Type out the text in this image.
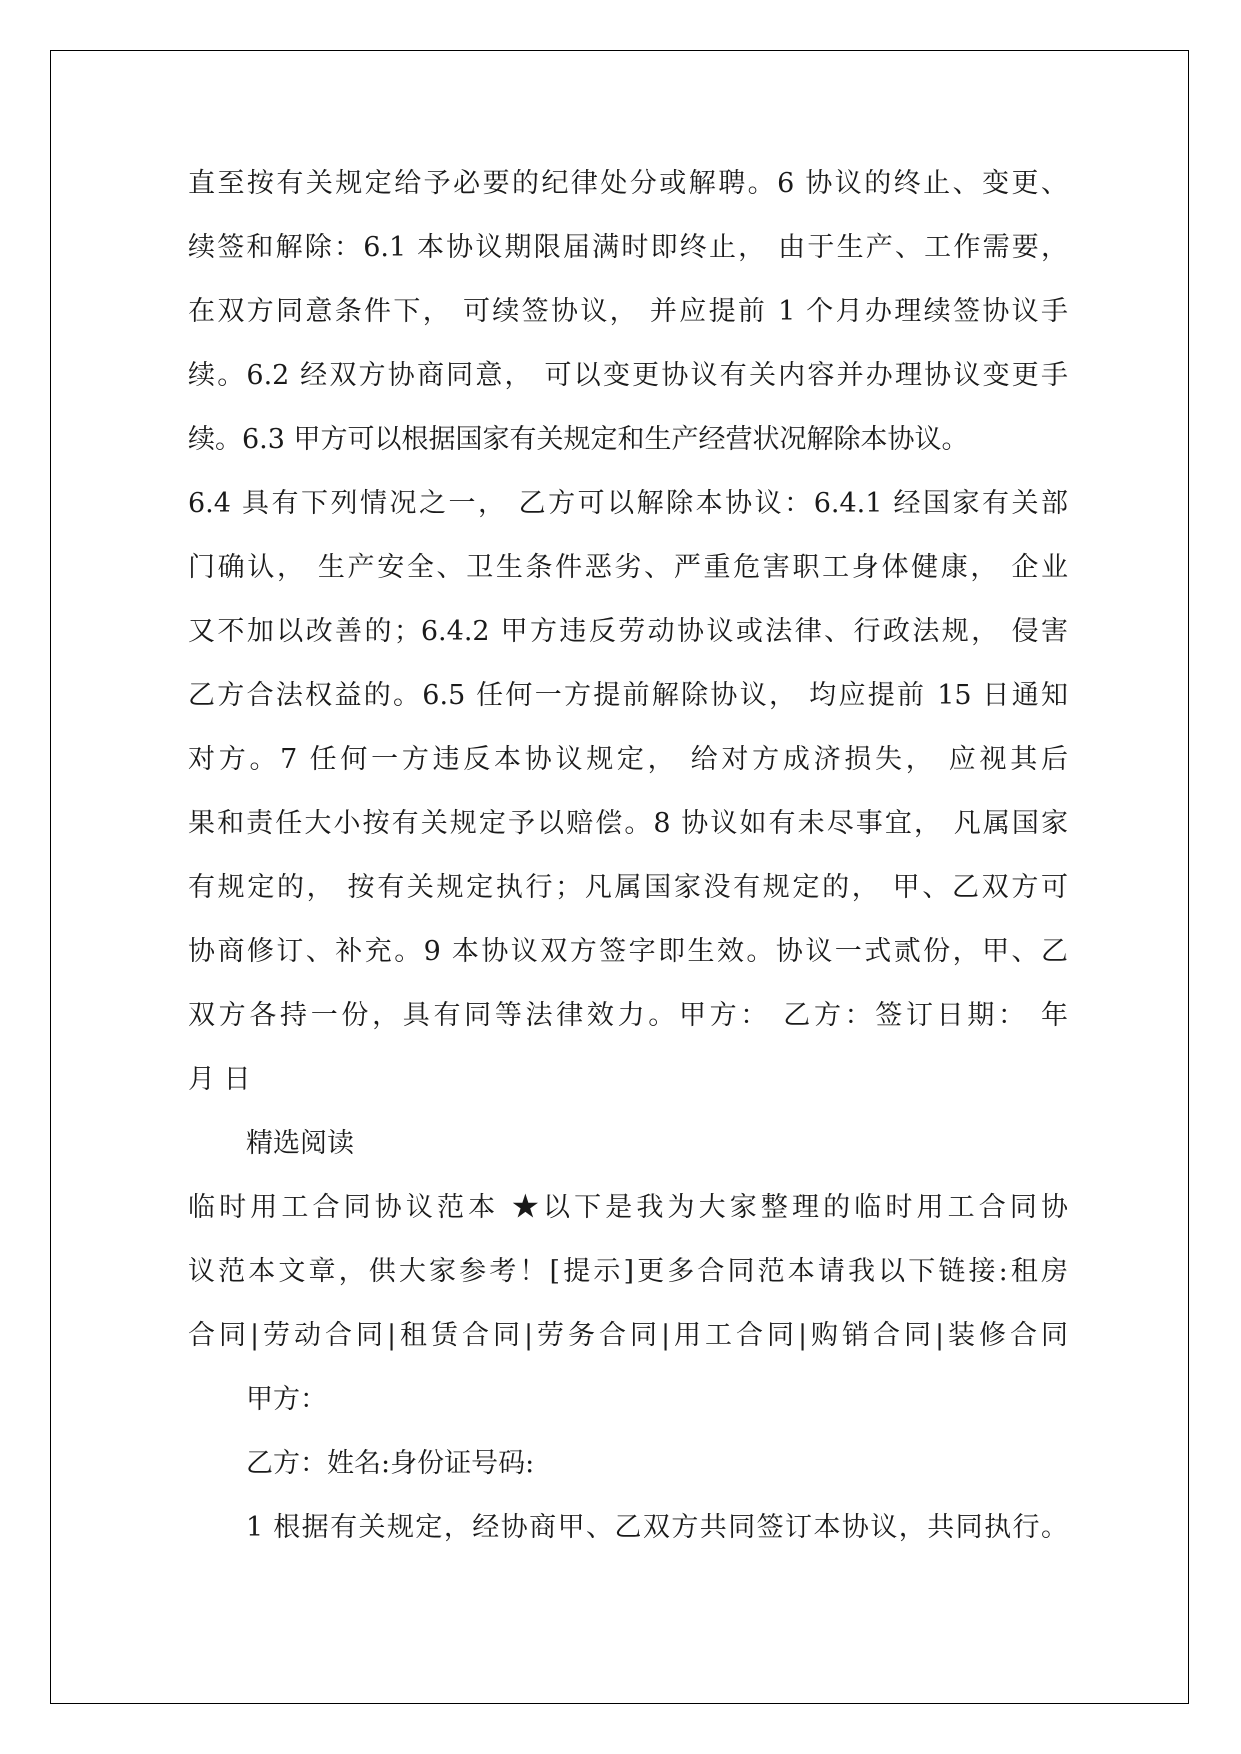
直至按有关规定给予必要的纪律处分或解聘。6 协议的终止、变更、
续签和解除：6.1 本协议期限届满时即终止， 由于生产、工作需要，
在双方同意条件下， 可续签协议， 并应提前 1 个月办理续签协议手
续。6.2 经双方协商同意， 可以变更协议有关内容并办理协议变更手
续。6.3 甲方可以根据国家有关规定和生产经营状况解除本协议。
6.4 具有下列情况之一， 乙方可以解除本协议：6.4.1 经国家有关部
门确认， 生产安全、卫生条件恶劣、严重危害职工身体健康， 企业
又不加以改善的；6.4.2 甲方违反劳动协议或法律、行政法规， 侵害
乙方合法权益的。6.5 任何一方提前解除协议， 均应提前 15 日通知
对方。7 任何一方违反本协议规定， 给对方成济损失， 应视其后
果和责任大小按有关规定予以赔偿。8 协议如有未尽事宜， 凡属国家
有规定的， 按有关规定执行；凡属国家没有规定的， 甲、乙双方可
协商修订、补充。9 本协议双方签字即生效。协议一式贰份，甲、乙
双方各持一份，具有同等法律效力。甲方： 乙方：签订日期： 年
月 日
精选阅读
临时用工合同协议范本 ★以下是我为大家整理的临时用工合同协
议范本文章，供大家参考！[提示]更多合同范本请我以下链接:租房
合同|劳动合同|租赁合同|劳务合同|用工合同|购销合同|装修合同
甲方：
乙方：姓名:身份证号码:
1 根据有关规定，经协商甲、乙双方共同签订本协议，共同执行。
